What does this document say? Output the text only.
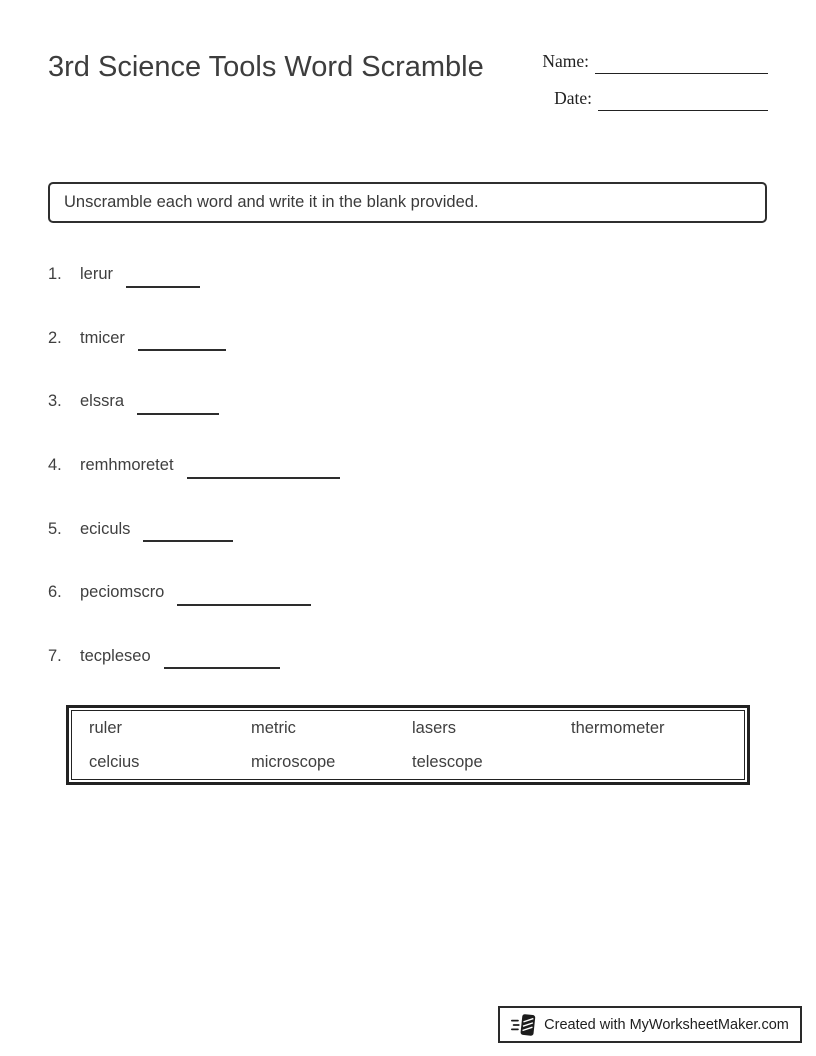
3rd Science Tools Word Scramble	Name:
Date:
Unscramble each word and write it in the blank provided.
1.	lerur
2.	tmicer
3.	elssra
4.	remhmoretet
5.	eciculs
6.	peciomscro
7.	tecpleseo
ruler	metric	lasers	thermometer
celcius	microscope	telescope
Created with MyWorksheetMaker.com
